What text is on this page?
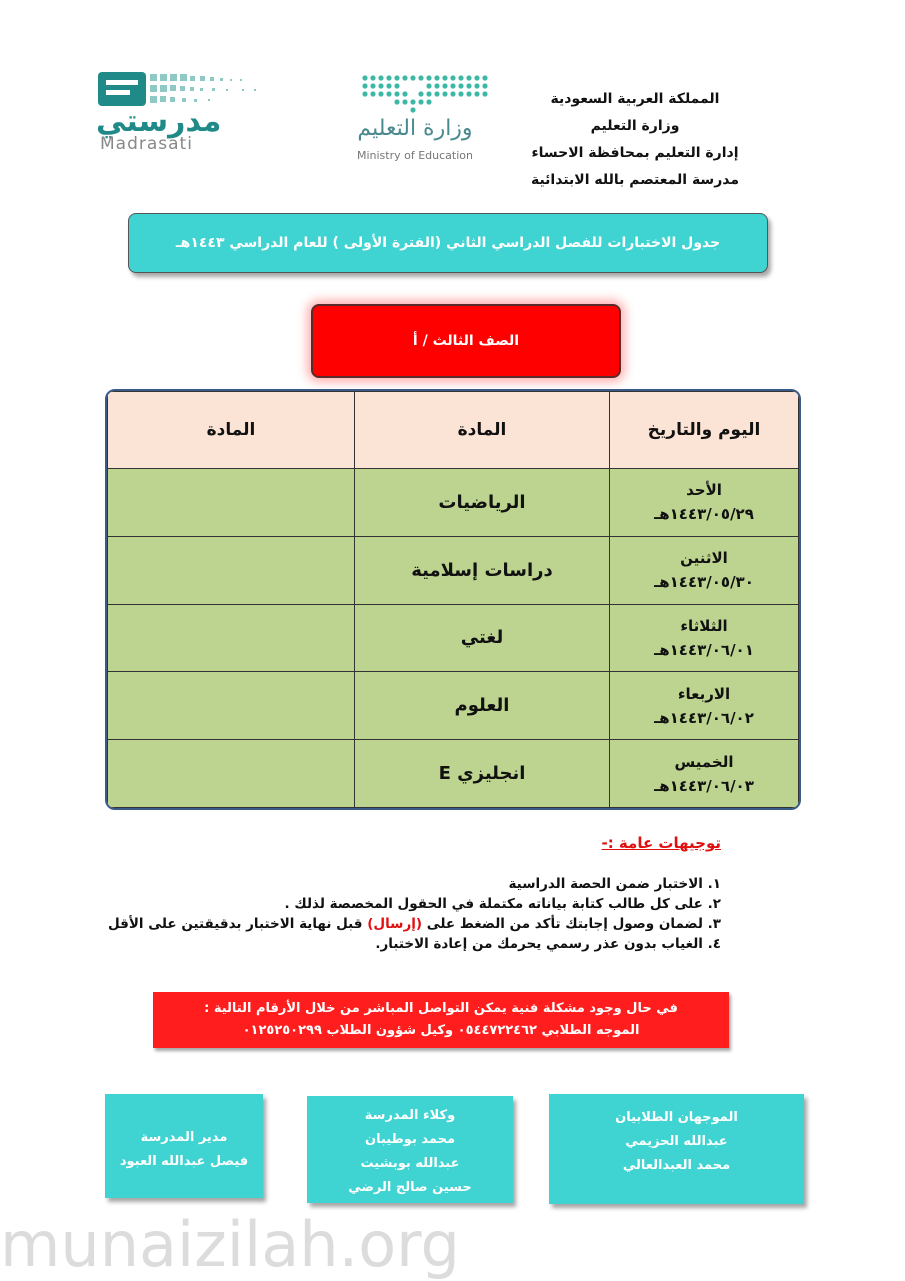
المملكة العربية السعودية
وزارة التعليم
إدارة التعليم بمحافظة الاحساء
مدرسة المعتصم بالله الابتدائية
وزارة التعليم
Ministry of Education
مدرستي
Madrasati
جدول الاختبارات للفصل الدراسي الثاني (الفترة الأولى ) للعام الدراسي ١٤٤٣هـ
الصف الثالث / أ
اليوم والتاريخ	المادة	المادة

الأحد
١٤٤٣/٠٥/٢٩هـ	الرياضيات	

الاثنين
١٤٤٣/٠٥/٣٠هـ	دراسات إسلامية	

الثلاثاء
١٤٤٣/٠٦/٠١هـ	لغتي	

الاربعاء
١٤٤٣/٠٦/٠٢هـ	العلوم	

الخميس
١٤٤٣/٠٦/٠٣هـ	انجليزي E	
توجيهات عامة :-
١. الاختبار ضمن الحصة الدراسية
٢. على كل طالب كتابة بياناته مكتملة في الحقول المخصصة لذلك .
٣. لضمان وصول إجابتك تأكد من الضغط على (إرسال) قبل نهاية الاختبار بدقيقتين على الأقل
٤. الغياب بدون عذر رسمي يحرمك من إعادة الاختبار.
في حال وجود مشكلة فنية يمكن التواصل المباشر من خلال الأرقام التالية :
الموجه الطلابي ٠٥٤٤٧٢٢٤٦٢ وكيل شؤون الطلاب ٠١٢٥٢٥٠٢٩٩
الموجهان الطلابيان
عبدالله الحزيمي
محمد العبدالعالي
وكلاء المدرسة
محمد بوطيبان
عبدالله بوبشيت
حسين صالح الرضي
مدير المدرسة
فيصل عبدالله العبود
munaizilah.org
